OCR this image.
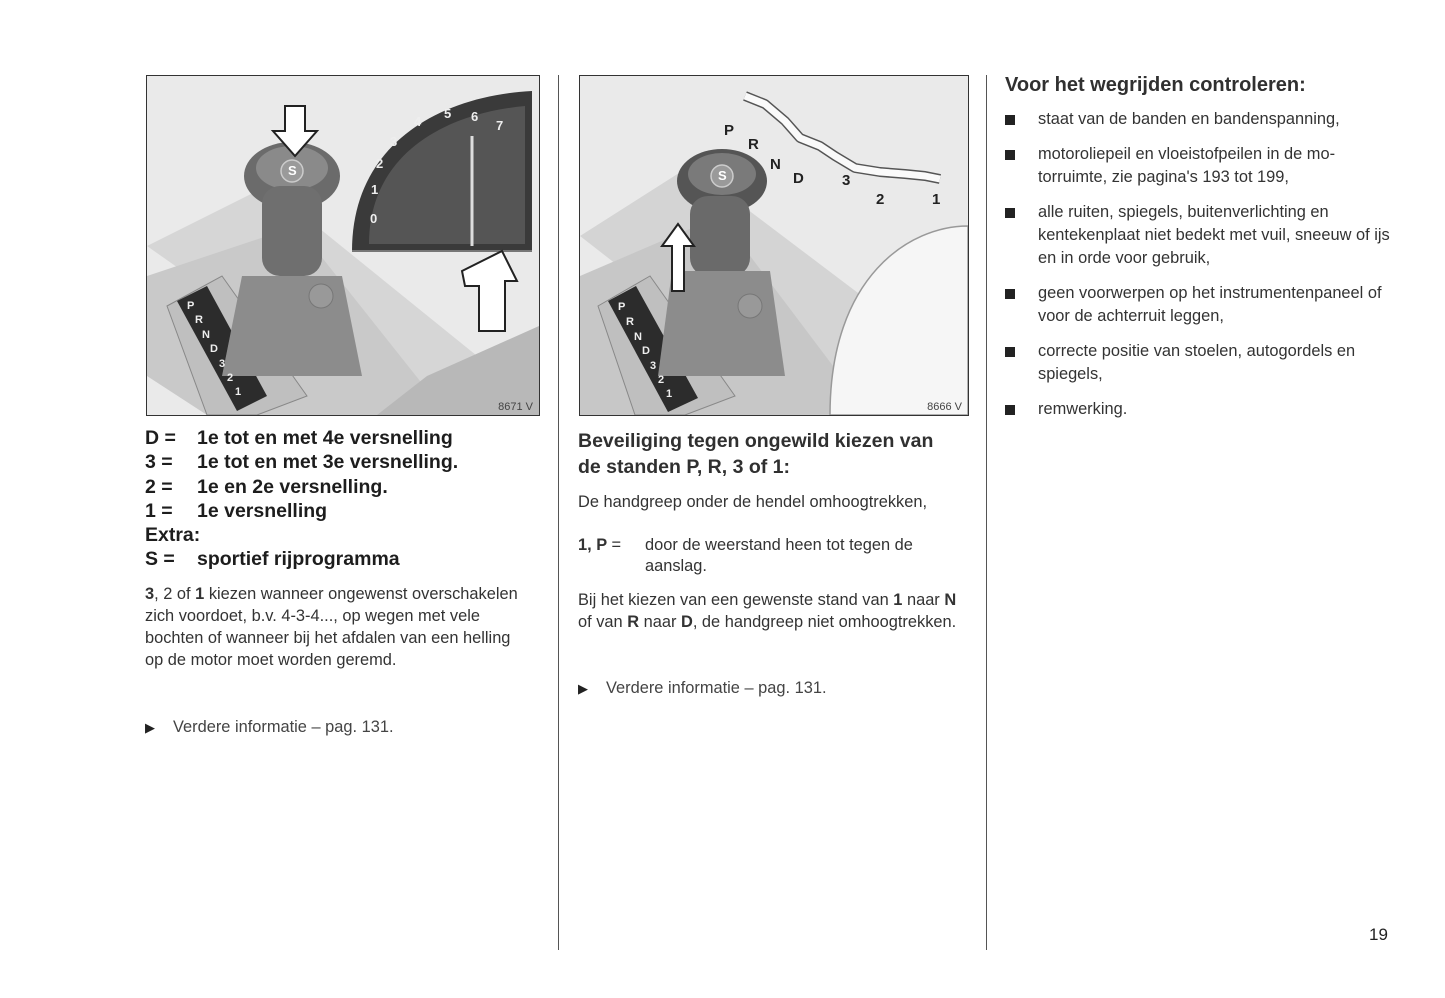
0
1
2
3
4
5 6
7
S
P
R
N
D
3
2
1
8671 V
P
R
N
D	3
2	1
S
P
R
N
D
3
2
1
8666 V
D =	1e tot en met 4e versnelling
3 =	1e tot en met 3e versnelling.
2 =	1e en 2e versnelling.
1 =	1e versnelling
Extra:
S =	sportief rijprogramma

3, 2 of 1 kiezen wanneer ongewenst overschakelen zich voordoet, b.v. 4-3-4..., op wegen met vele bochten of wanneer bij het afdalen van een helling op de motor moet worden geremd.

▶ Verdere informatie – pag. 131.
Beveiliging tegen ongewild kiezen van de standen P, R, 3 of 1:

De handgreep onder de hendel omhoogtrekken,

1, P =	door de weerstand heen tot tegen de aanslag.

Bij het kiezen van een gewenste stand van 1 naar N of van R naar D, de handgreep niet omhoogtrekken.

▶ Verdere informatie – pag. 131.
Voor het wegrijden controleren:
staat van de banden en bandenspanning,
motoroliepeil en vloeistofpeilen in de motorruimte, zie pagina's 193 tot 199,
alle ruiten, spiegels, buitenverlichting en kentekenplaat niet bedekt met vuil, sneeuw of ijs en in orde voor gebruik,
geen voorwerpen op het instrumentenpaneel of voor de achterruit leggen,
correcte positie van stoelen, autogordels en spiegels,
remwerking.
19
